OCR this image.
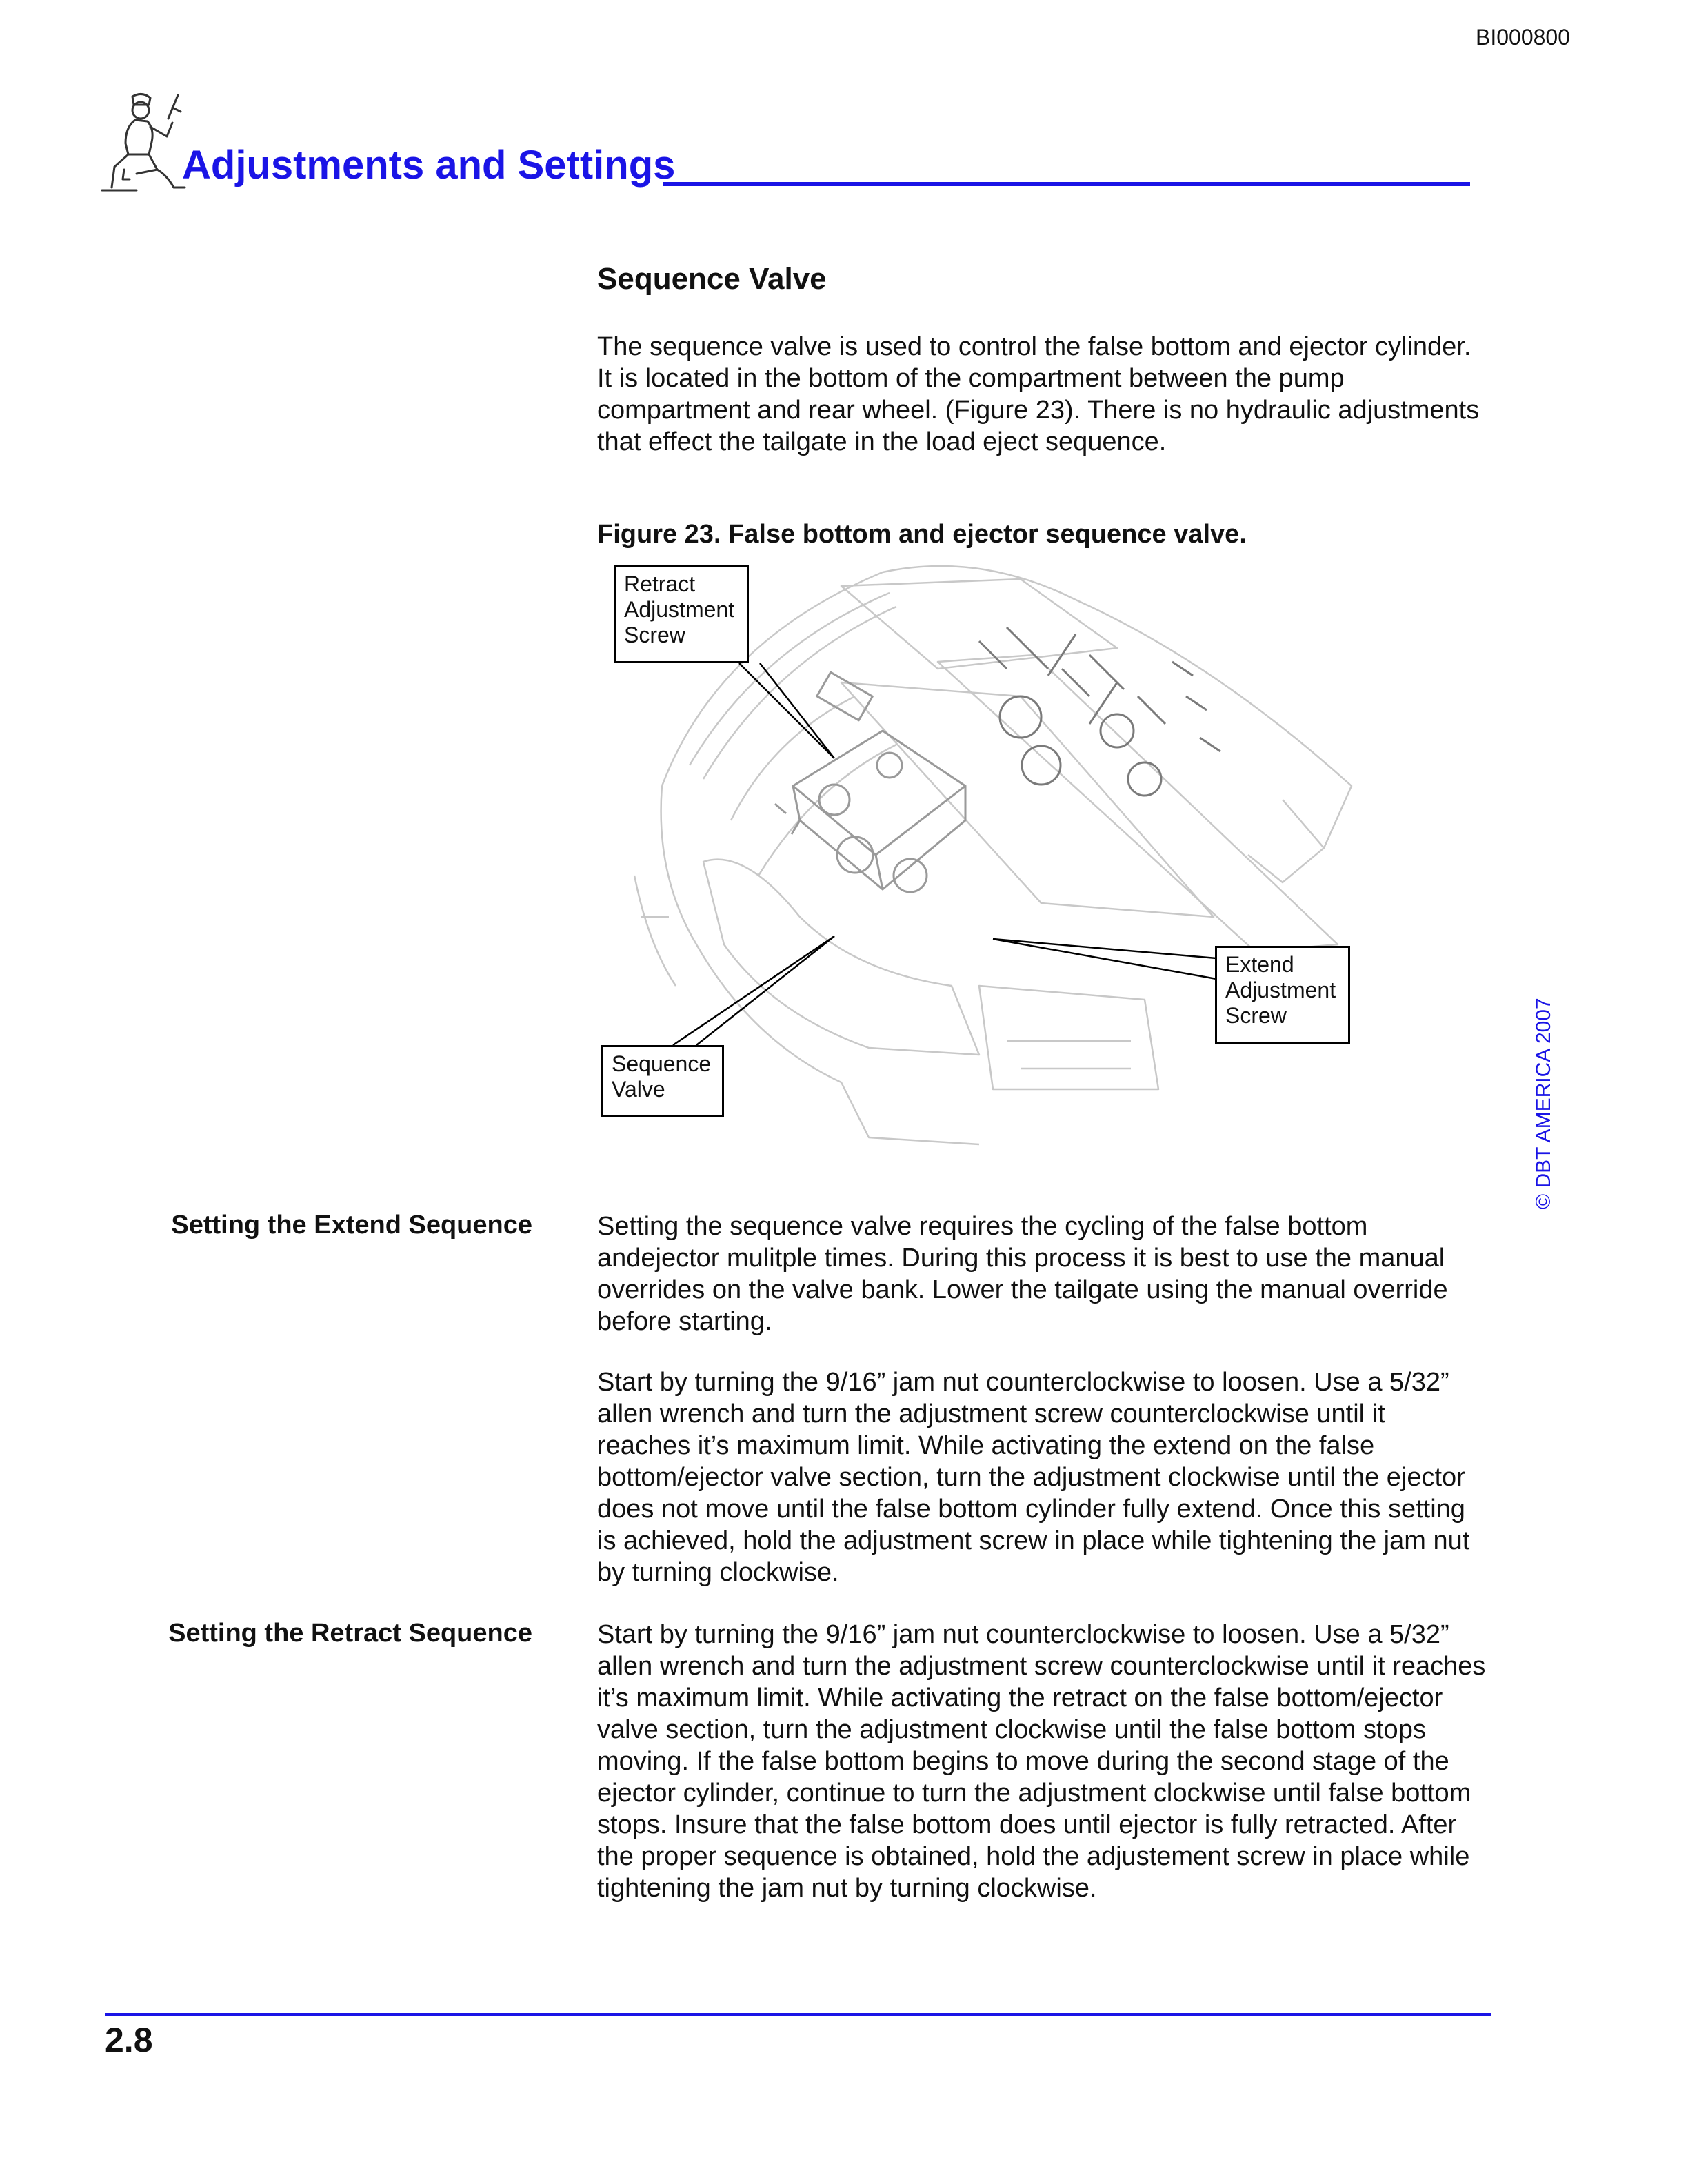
BI000800
Adjustments and Settings
Sequence Valve
The sequence valve is used to control the false bottom and ejector cylinder. It is located in the bottom of the compartment between the pump compartment and rear wheel. (Figure 23). There is no hydraulic adjustments that effect the tailgate in the load eject sequence.
Figure 23. False bottom and ejector sequence valve.
Retract
Adjustment
Screw
Extend
Adjustment
Screw
Sequence
Valve
Setting the Extend Sequence Setting the sequence valve requires the cycling of the false bottom andejector mulitple times. During this process it is best to use the manual overrides on the valve bank. Lower the tailgate using the manual override before starting.
Start by turning the 9/16” jam nut counterclockwise to loosen. Use a 5/32” allen wrench and turn the adjustment screw counterclockwise until it reaches it’s maximum limit. While activating the extend on the false bottom/ejector valve section, turn the adjustment clockwise until the ejector does not move until the false bottom cylinder fully extend. Once this setting is achieved, hold the adjustment screw in place while tightening the jam nut by turning clockwise.
Setting the Retract Sequence Start by turning the 9/16” jam nut counterclockwise to loosen. Use a 5/32” allen wrench and turn the adjustment screw counterclockwise until it reaches it’s maximum limit. While activating the retract on the false bottom/ejector valve section, turn the adjustment clockwise until the false bottom stops moving. If the false bottom begins to move during the second stage of the ejector cylinder, continue to turn the adjustment clockwise until false bottom stops. Insure that the false bottom does until ejector is fully retracted. After the proper sequence is obtained, hold the adjustement screw in place while tightening the jam nut by turning clockwise.
© DBT AMERICA 2007
2.8
